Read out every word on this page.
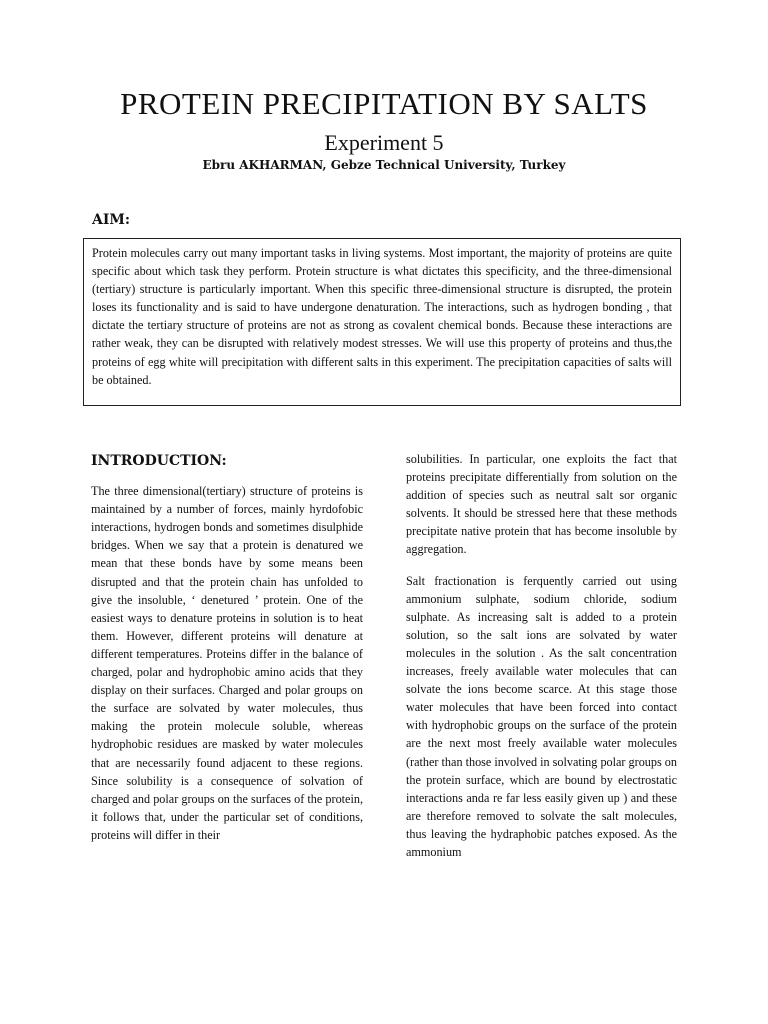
PROTEIN PRECIPITATION BY SALTS
Experiment 5

Ebru AKHARMAN, Gebze Technical University, Turkey

AIM:

Protein molecules carry out many important tasks in living systems. Most important, the majority of proteins are quite specific about which task they perform. Protein structure is what dictates this specificity, and the three-dimensional (tertiary) structure is particularly important. When this specific three-dimensional structure is disrupted, the protein loses its functionality and is said to have undergone denaturation. The interactions, such as hydrogen bonding , that dictate the tertiary structure of proteins are not as strong as covalent chemical bonds. Because these interactions are rather weak, they can be disrupted with relatively modest stresses. We will use this property of proteins and thus,the proteins of egg white will precipitation with different salts in this experiment. The precipitation capacities of salts will be obtained.

INTRODUCTION:

The three dimensional(tertiary) structure of proteins is maintained by a number of forces, mainly hyrdofobic interactions, hydrogen bonds and sometimes disulphide bridges. When we say that a protein is denatured we mean that these bonds have by some means been disrupted and that the protein chain has unfolded to give the insoluble, ‘ denetured ’ protein. One of the easiest ways to denature proteins in solution is to heat them. However, different proteins will denature at different temperatures. Proteins differ in the balance of charged, polar and hydrophobic amino acids that they display on their surfaces. Charged and polar groups on the surface are solvated by water molecules, thus making the protein molecule soluble, whereas hydrophobic residues are masked by water molecules that are necessarily found adjacent to these regions. Since solubility is a consequence of solvation of charged and polar groups on the surfaces of the protein, it follows that, under the particular set of conditions, proteins will differ in their

solubilities. In particular, one exploits the fact that proteins precipitate differentially from solution on the addition of species such as neutral salt sor organic solvents. It should be stressed here that these methods precipitate native protein that has become insoluble by aggregation.

Salt fractionation is ferquently carried out using ammonium sulphate, sodium chloride, sodium sulphate. As increasing salt is added to a protein solution, so the salt ions are solvated by water molecules in the solution . As the salt concentration increases, freely available water molecules that can solvate the ions become scarce. At this stage those water molecules that have been forced into contact with hydrophobic groups on the surface of the protein are the next most freely available water molecules (rather than those involved in solvating polar groups on the protein surface, which are bound by electrostatic interactions anda re far less easily given up ) and these are therefore removed to solvate the salt molecules, thus leaving the hydraphobic patches exposed. As the ammonium
